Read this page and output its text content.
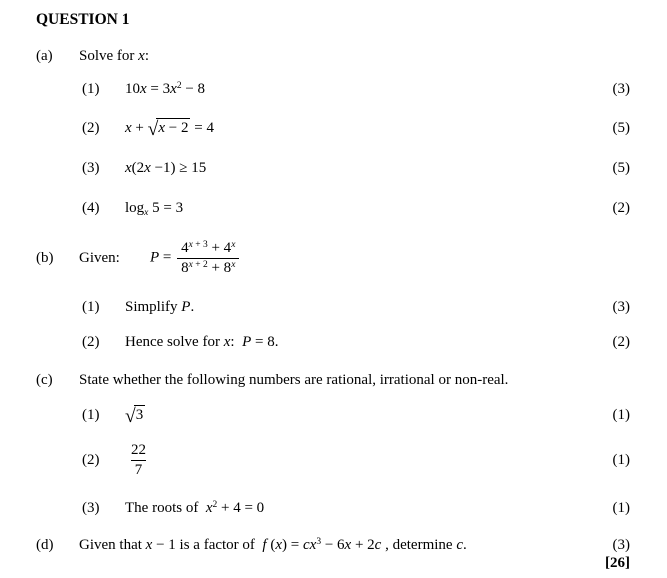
QUESTION 1
(a)	Solve for x:
(1)	$10x = 3x^2 - 8$	(3)
(2)	x + √x − 2 = 4	(5)
(3)	x(2x −1) ≥ 15	(5)
(4)	$\log_x 5 = 3$	(2)
(b)	Given:	$P = \frac{4^{x + 3} + 4^x}{8^{x + 2} + 8^x}$
(1)	Simplify P.	(3)
(2)	Hence solve for x:  P = 8.	(2)
(c)	State whether the following numbers are rational, irrational or non-real.
(1)	√3	(1)
(2)	$\frac{22}{7}$	(1)
(3)	The roots of  $x^2 + 4 = 0$	(1)
(d)	Given that x − 1 is a factor of  f $(x) = cx^3 - 6x + 2c$ , determine c.	(3)
[26]
